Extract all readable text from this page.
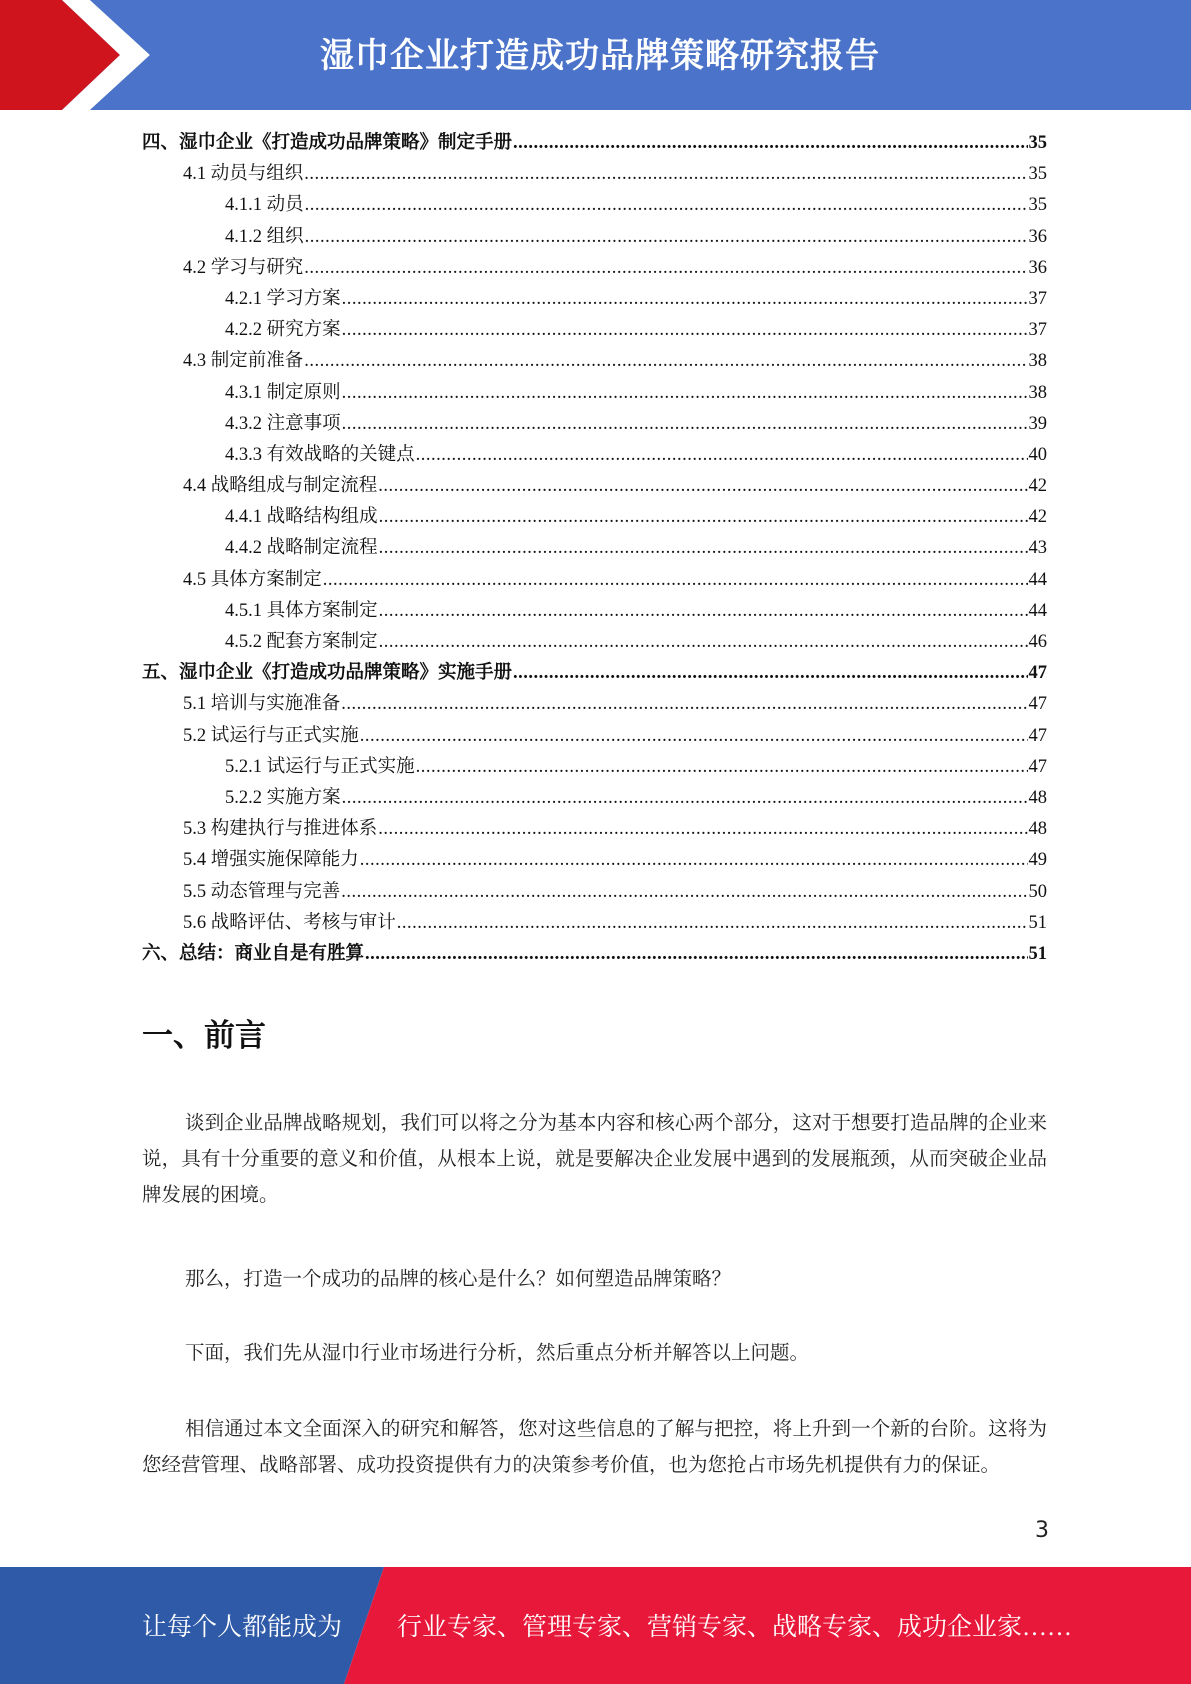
湿巾企业打造成功品牌策略研究报告
四、湿巾企业《打造成功品牌策略》制定手册 .....	35
4.1 动员与组织 .....	35
4.1.1 动员 .....	35
4.1.2 组织 .....	36
4.2 学习与研究 .....	36
4.2.1 学习方案 .....	37
4.2.2 研究方案 .....	37
4.3 制定前准备 .....	38
4.3.1 制定原则 .....	38
4.3.2 注意事项 .....	39
4.3.3 有效战略的关键点 .....	40
4.4 战略组成与制定流程 .....	42
4.4.1 战略结构组成 .....	42
4.4.2 战略制定流程 .....	43
4.5 具体方案制定 .....	44
4.5.1 具体方案制定 .....	44
4.5.2 配套方案制定 .....	46
五、湿巾企业《打造成功品牌策略》实施手册 .....	47
5.1 培训与实施准备 .....	47
5.2 试运行与正式实施 .....	47
5.2.1 试运行与正式实施 .....	47
5.2.2 实施方案 .....	48
5.3 构建执行与推进体系 .....	48
5.4 增强实施保障能力 .....	49
5.5 动态管理与完善 .....	50
5.6 战略评估、考核与审计 .....	51
六、总结：商业自是有胜算 .....	51
一、前言

谈到企业品牌战略规划，我们可以将之分为基本内容和核心两个部分，这对于想要打造品牌的企业来说，具有十分重要的意义和价值，从根本上说，就是要解决企业发展中遇到的发展瓶颈，从而突破企业品牌发展的困境。

那么，打造一个成功的品牌的核心是什么？如何塑造品牌策略？

下面，我们先从湿巾行业市场进行分析，然后重点分析并解答以上问题。

相信通过本文全面深入的研究和解答，您对这些信息的了解与把控，将上升到一个新的台阶。这将为您经营管理、战略部署、成功投资提供有力的决策参考价值，也为您抢占市场先机提供有力的保证。

3
让每个人都能成为 行业专家、管理专家、营销专家、战略专家、成功企业家……
